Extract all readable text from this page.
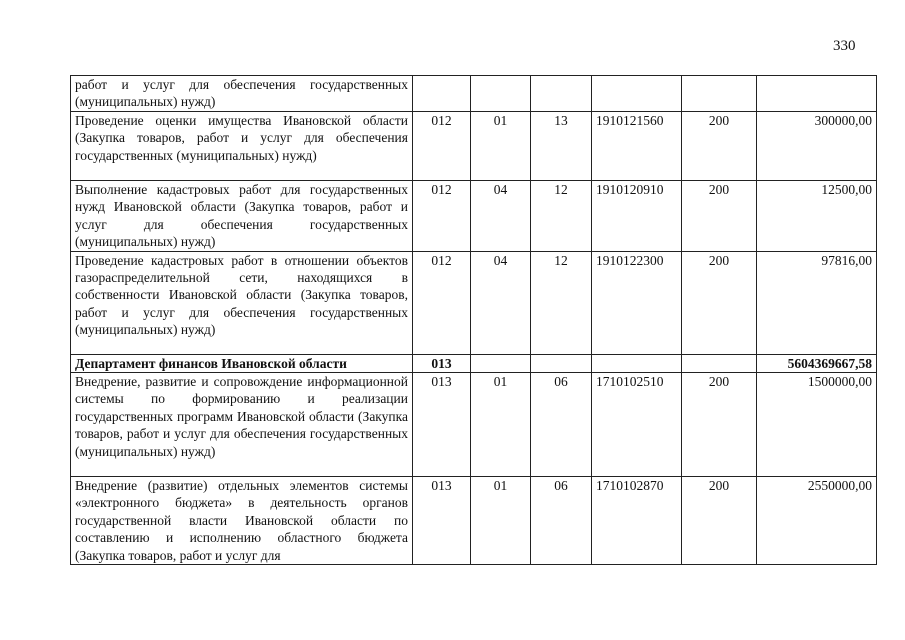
330
работ и услуг для обеспечения государственных (муниципальных) нужд)						
Проведение оценки имущества Ивановской области (Закупка товаров, работ и услуг для обеспечения государственных (муниципальных) нужд)	012	01	13	1910121560	200	300000,00
Выполнение кадастровых работ для государственных нужд Ивановской области (Закупка товаров, работ и услуг для обеспечения государственных (муниципальных) нужд)	012	04	12	1910120910	200	12500,00
Проведение кадастровых работ в отношении объектов газораспределительной сети, находящихся в собственности Ивановской области (Закупка товаров, работ и услуг для обеспечения государственных (муниципальных) нужд)	012	04	12	1910122300	200	97816,00
Департамент финансов Ивановской области	013					5604369667,58
Внедрение, развитие и сопровождение информационной системы по формированию и реализации государственных программ Ивановской области (Закупка товаров, работ и услуг для обеспечения государственных (муниципальных) нужд)	013	01	06	1710102510	200	1500000,00
Внедрение (развитие) отдельных элементов системы «электронного бюджета» в деятельность органов государственной власти Ивановской области по составлению и исполнению областного бюджета (Закупка товаров, работ и услуг для	013	01	06	1710102870	200	2550000,00
